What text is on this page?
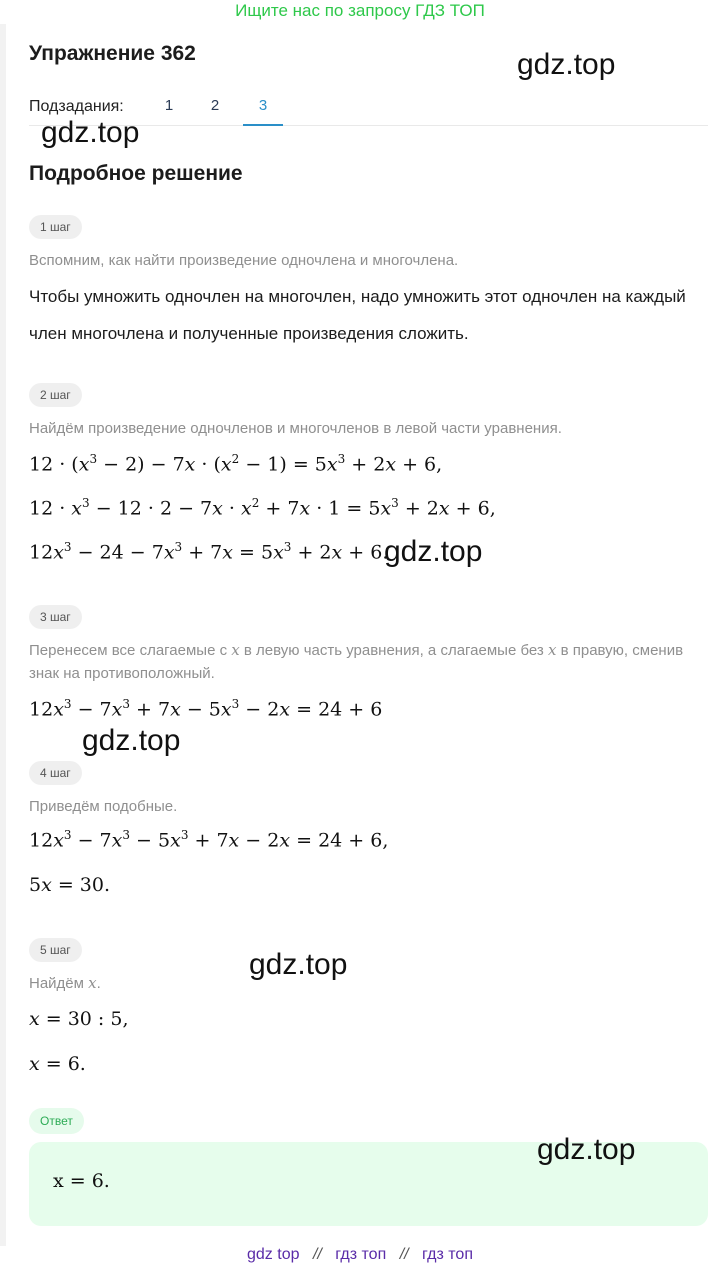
Ищите нас по запросу ГДЗ ТОП
Упражнение 362
Подзадания:	1	2	3
Подробное решение
1 шаг
Вспомним, как найти произведение одночлена и многочлена.
Чтобы умножить одночлен на многочлен, надо умножить этот одночлен на каждый член многочлена и полученные произведения сложить.
2 шаг
Найдём произведение одночленов и многочленов в левой части уравнения.
$12 \cdot (x^3 - 2) - 7x \cdot (x^2 - 1) = 5x^3 + 2x + 6$,
$12 \cdot x^3 - 12 \cdot 2 - 7x \cdot x^2 + 7x \cdot 1 = 5x^3 + 2x + 6$,
$12x^3 - 24 - 7x^3 + 7x = 5x^3 + 2x + 6$.
3 шаг
Перенесем все слагаемые с x в левую часть уравнения, а слагаемые без x в правую, сменив знак на противоположный.
$12x^3 - 7x^3 + 7x - 5x^3 - 2x = 24 + 6$
4 шаг
Приведём подобные.
$12x^3 - 7x^3 - 5x^3 + 7x - 2x = 24 + 6$,
5x = 30.
5 шаг
Найдём x.
x = 30 : 5,
x = 6.
Ответ
x = 6.
gdz.top
gdz.top
gdz.top
gdz.top
gdz.top
gdz.top
gdz top // гдз топ // гдз топ
